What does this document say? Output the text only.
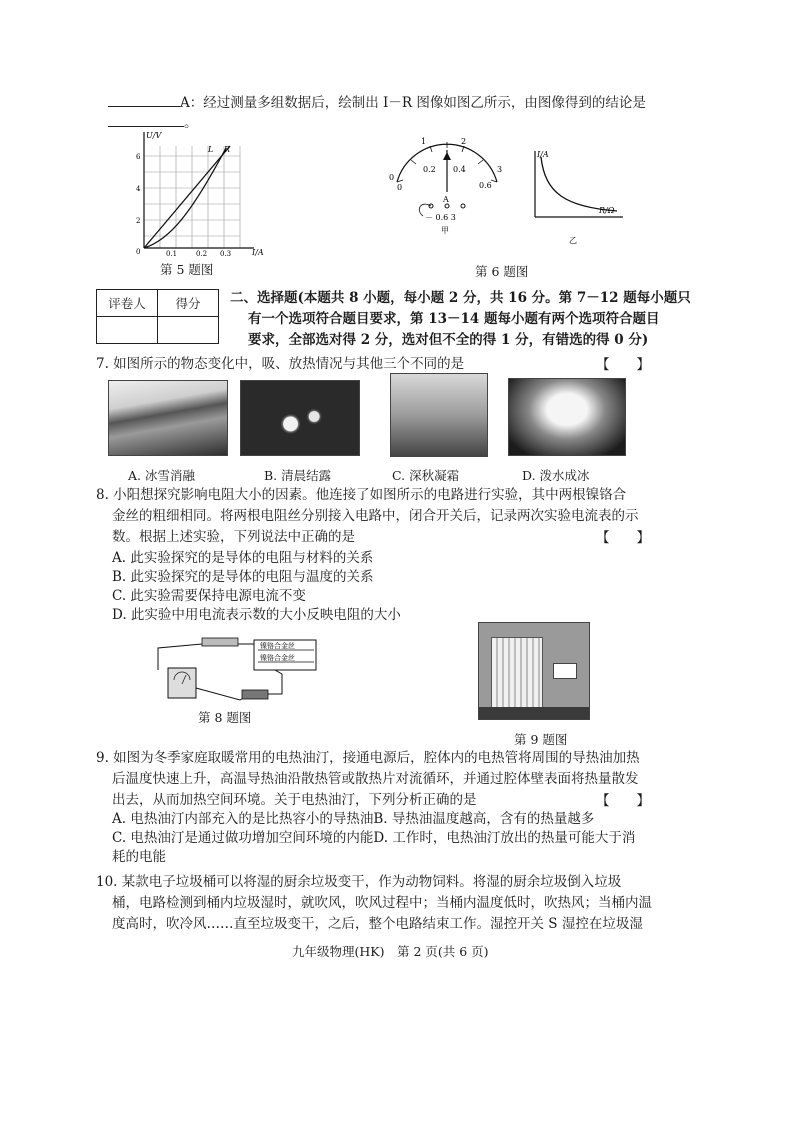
A：经过测量多组数据后，绘制出 I－R 图像如图乙所示，由图像得到的结论是
。
U/V
I/A
0
2
4
6
0.1	0.2 0.3
L R
第 5 题图
0
1	2
3
0
0.2 0.4
0.6
A
－ 0.6 3
甲
I/A
R/Ω
乙
第 6 题图
评卷人	得分
	二、选择题(本题共 8 小题，每小题 2 分，共 16 分。第 7－12 题每小题只
有一个选项符合题目要求，第 13－14 题每小题有两个选项符合题目
要求，全部选对得 2 分，选对但不全的得 1 分，有错选的得 0 分)
7. 如图所示的物态变化中，吸、放热情况与其他三个不同的是	【　　】
A. 冰雪消融	B. 清晨结露	C. 深秋凝霜	D. 泼水成冰
8. 小阳想探究影响电阻大小的因素。他连接了如图所示的电路进行实验，其中两根镍铬合
金丝的粗细相同。将两根电阻丝分别接入电路中，闭合开关后，记录两次实验电流表的示
数。根据上述实验，下列说法中正确的是	【　　】
A. 此实验探究的是导体的电阻与材料的关系
B. 此实验探究的是导体的电阻与温度的关系
C. 此实验需要保持电源电流不变
D. 此实验中用电流表示数的大小反映电阻的大小
镍铬合金丝
镍铬合金丝
第 8 题图
第 9 题图
9. 如图为冬季家庭取暖常用的电热油汀，接通电源后，腔体内的电热管将周围的导热油加热
后温度快速上升，高温导热油沿散热管或散热片对流循环，并通过腔体壁表面将热量散发
出去，从而加热空间环境。关于电热油汀，下列分析正确的是	【　　】
A. 电热油汀内部充入的是比热容小的导热油B. 导热油温度越高，含有的热量越多
C. 电热油汀是通过做功增加空间环境的内能D. 工作时，电热油汀放出的热量可能大于消
耗的电能
10. 某款电子垃圾桶可以将湿的厨余垃圾变干，作为动物饲料。将湿的厨余垃圾倒入垃圾
桶，电路检测到桶内垃圾湿时，就吹风，吹风过程中；当桶内温度低时，吹热风；当桶内温
度高时，吹冷风……直至垃圾变干，之后，整个电路结束工作。湿控开关 S 湿控在垃圾湿
九年级物理(HK)　第 2 页(共 6 页)
